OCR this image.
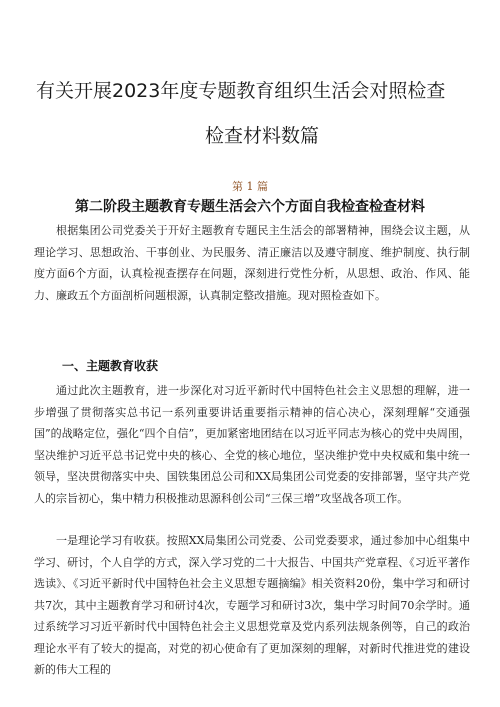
有关开展2023年度专题教育组织生活会对照检查
检查材料数篇
第 1 篇
第二阶段主题教育专题生活会六个方面自我检查检查材料

根据集团公司党委关于开好主题教育专题民主生活会的部署精神，围绕会议主题，从理论学习、思想政治、干事创业、为民服务、清正廉洁以及遵守制度、维护制度、执行制度方面6个方面，认真检视查摆存在问题，深刻进行党性分析，从思想、政治、作风、能力、廉政五个方面剖析问题根源，认真制定整改措施。现对照检查如下。

一、主题教育收获

通过此次主题教育，进一步深化对习近平新时代中国特色社会主义思想的理解，进一步增强了贯彻落实总书记一系列重要讲话重要指示精神的信心决心，深刻理解“交通强国”的战略定位，强化“四个自信”，更加紧密地团结在以习近平同志为核心的党中央周围，坚决维护习近平总书记党中央的核心、全党的核心地位，坚决维护党中央权威和集中统一领导，坚决贯彻落实中央、国铁集团总公司和XX局集团公司党委的安排部署，坚守共产党人的宗旨初心，集中精力积极推动思源科创公司“三保三增”攻坚战各项工作。

一是理论学习有收获。按照XX局集团公司党委、公司党委要求，通过参加中心组集中学习、研讨，个人自学的方式，深入学习党的二十大报告、中国共产党章程、《习近平著作选读》、《习近平新时代中国特色社会主义思想专题摘编》相关资料20份，集中学习和研讨共7次，其中主题教育学习和研讨4次，专题学习和研讨3次，集中学习时间70余学时。通过系统学习习近平新时代中国特色社会主义思想党章及党内系列法规条例等，自己的政治理论水平有了较大的提高，对党的初心使命有了更加深刻的理解，对新时代推进党的建设新的伟大工程的
